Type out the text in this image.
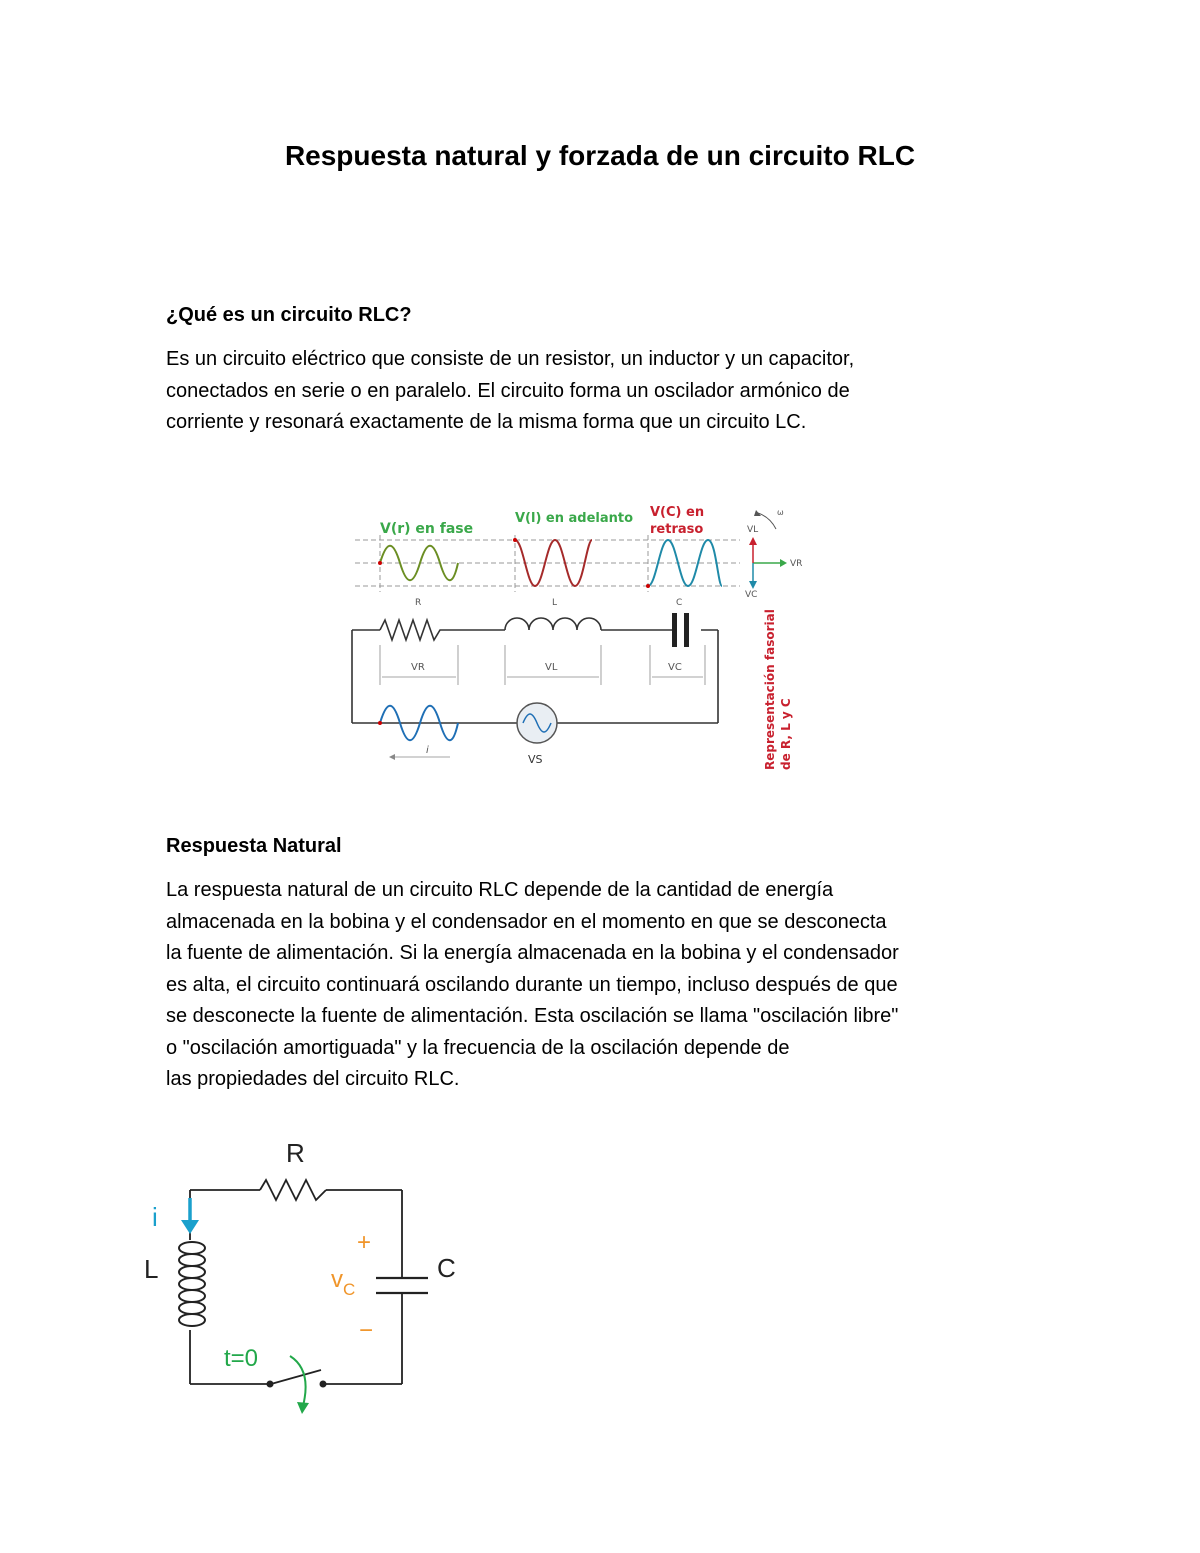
Respuesta natural y forzada de un circuito RLC
¿Qué es un circuito RLC?

Es un circuito eléctrico que consiste de un resistor, un inductor y un capacitor,
conectados en serie o en paralelo. El circuito forma un oscilador armónico de
corriente y resonará exactamente de la misma forma que un circuito LC.

V(r) en fase
V(l) en adelanto V(C) en
retraso
ω
VL
VR
VC
R	L	C
VR	VL	VC
i
VS	Representación fasorial de R, L y C
Respuesta Natural

La respuesta natural de un circuito RLC depende de la cantidad de energía
almacenada en la bobina y el condensador en el momento en que se desconecta
la fuente de alimentación. Si la energía almacenada en la bobina y el condensador
es alta, el circuito continuará oscilando durante un tiempo, incluso después de que
se desconecte la fuente de alimentación. Esta oscilación se llama "oscilación libre"
o "oscilación amortiguada" y la frecuencia de la oscilación depende de
las propiedades del circuito RLC.

R
i
L	C
+
$v_C$
−
t=0
